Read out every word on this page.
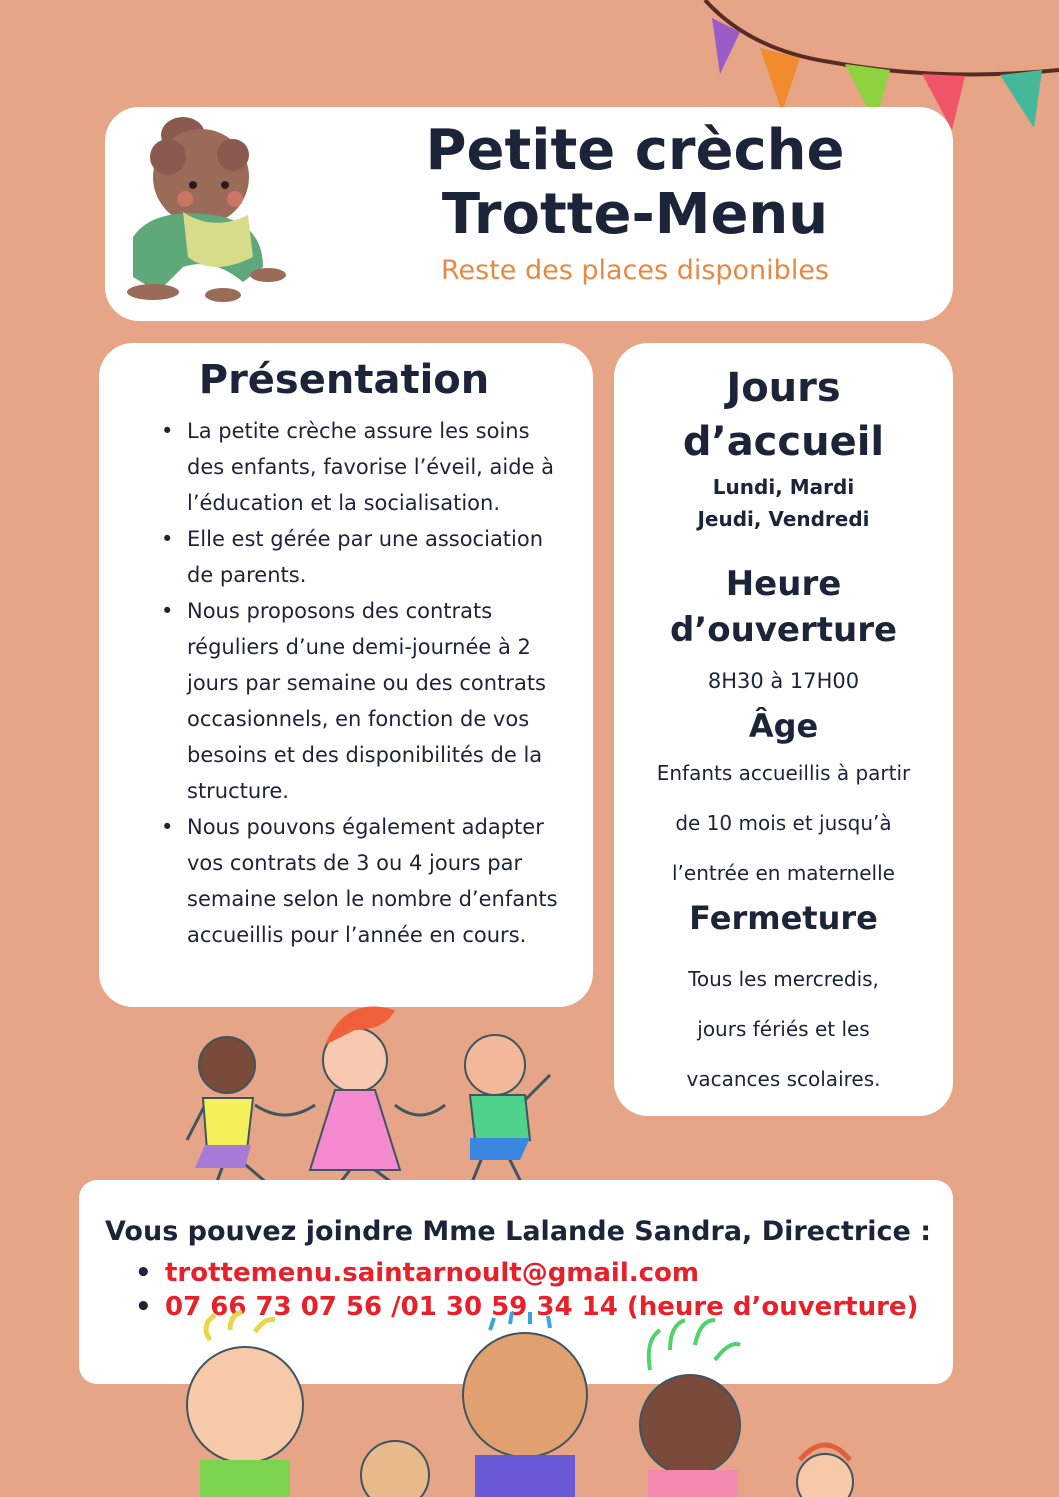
Petite crèche
Trotte-Menu
Reste des places disponibles
Présentation
• La petite crèche assure les soins des enfants, favorise l’éveil, aide à l’éducation et la socialisation.
• Elle est gérée par une association de parents.
• Nous proposons des contrats réguliers d’une demi-journée à 2 jours par semaine ou des contrats occasionnels, en fonction de vos besoins et des disponibilités de la structure.
• Nous pouvons également adapter vos contrats de 3 ou 4 jours par semaine selon le nombre d’enfants accueillis pour l’année en cours.
Jours d’accueil
Lundi, Mardi
Jeudi, Vendredi
Heure d’ouverture
8H30 à 17H00
Âge
Enfants accueillis à partir
de 10 mois et jusqu’à
l’entrée en maternelle
Fermeture
Tous les mercredis,
jours fériés et les
vacances scolaires.
Vous pouvez joindre Mme Lalande Sandra, Directrice :
• trottemenu.saintarnoult@gmail.com
• 07 66 73 07 56 /01 30 59 34 14 (heure d’ouverture)
